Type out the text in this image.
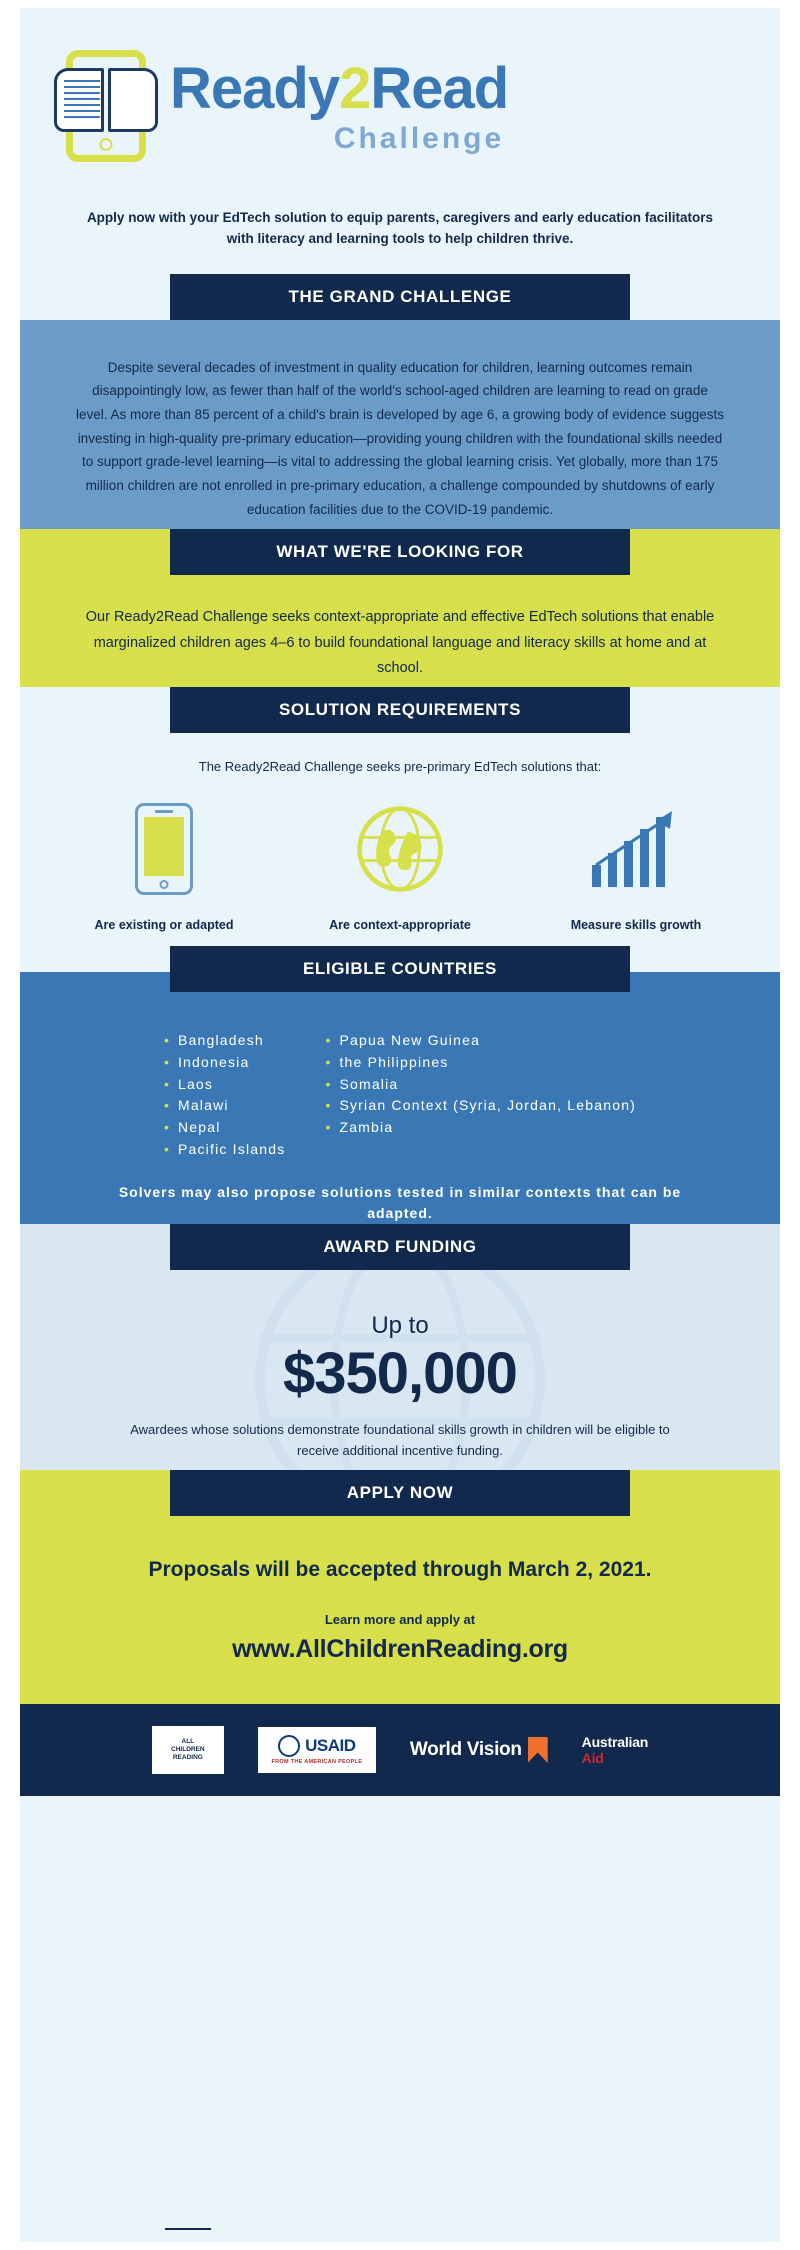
Ready2Read
Challenge
Apply now with your EdTech solution to equip parents, caregivers and early education facilitators with literacy and learning tools to help children thrive.
THE GRAND CHALLENGE
Despite several decades of investment in quality education for children, learning outcomes remain disappointingly low, as fewer than half of the world's school-aged children are learning to read on grade level. As more than 85 percent of a child's brain is developed by age 6, a growing body of evidence suggests investing in high-quality pre-primary education—providing young children with the foundational skills needed to support grade-level learning—is vital to addressing the global learning crisis. Yet globally, more than 175 million children are not enrolled in pre-primary education, a challenge compounded by shutdowns of early education facilities due to the COVID-19 pandemic.
WHAT WE'RE LOOKING FOR
Our Ready2Read Challenge seeks context-appropriate and effective EdTech solutions that enable marginalized children ages 4–6 to build foundational language and literacy skills at home and at school.
SOLUTION REQUIREMENTS
The Ready2Read Challenge seeks pre-primary EdTech solutions that:
Are existing or adapted	Are context-appropriate	Measure skills growth
ELIGIBLE COUNTRIES
• Bangladesh
• Indonesia
• Laos
• Malawi
• Nepal
• Pacific Islands
• Papua New Guinea
• the Philippines
• Somalia
• Syrian Context (Syria, Jordan, Lebanon)
• Zambia
Solvers may also propose solutions tested in similar contexts that can be adapted.
AWARD FUNDING
Up to
$350,000
Awardees whose solutions demonstrate foundational skills growth in children will be eligible to receive additional incentive funding.
APPLY NOW
Proposals will be accepted through March 2, 2021.
Learn more and apply at
www.AllChildrenReading.org
ALL
CHILDREN
READING
USAID
FROM THE AMERICAN PEOPLE
World Vision	Australian
Aid
